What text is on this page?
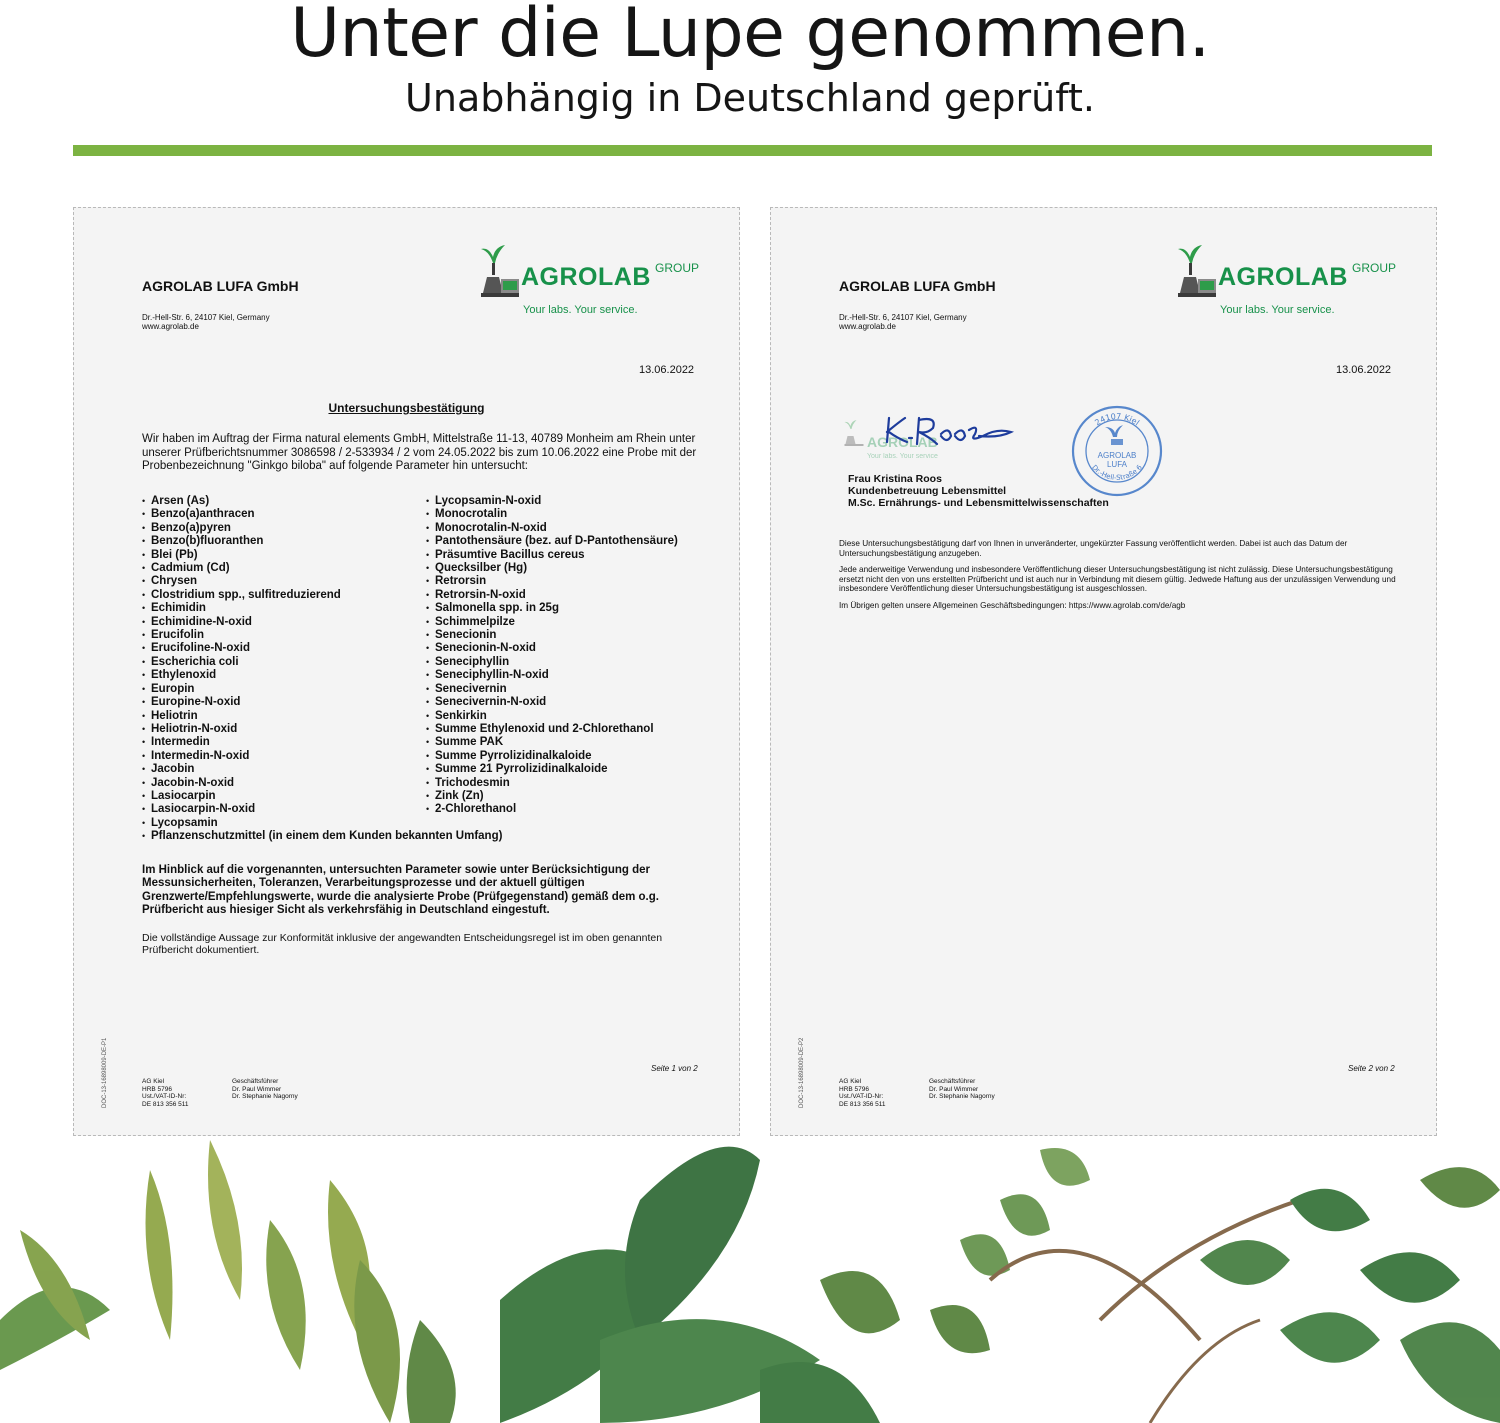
Unter die Lupe genommen.
Unabhängig in Deutschland geprüft.
AGROLAB LUFA GmbH
Dr.-Hell-Str. 6, 24107 Kiel, Germany
www.agrolab.de
AGROLAB GROUP
Your labs. Your service.
13.06.2022
Untersuchungsbestätigung
Wir haben im Auftrag der Firma natural elements GmbH, Mittelstraße 11-13, 40789 Monheim am Rhein unter unserer Prüfberichtsnummer 3086598 / 2-533934 / 2 vom 24.05.2022 bis zum 10.06.2022 eine Probe mit der Probenbezeichnung "Ginkgo biloba" auf folgende Parameter hin untersucht:
• Arsen (As)
• Benzo(a)anthracen
• Benzo(a)pyren
• Benzo(b)fluoranthen
• Blei (Pb)
• Cadmium (Cd)
• Chrysen
• Clostridium spp., sulfitreduzierend
• Echimidin
• Echimidine-N-oxid
• Erucifolin
• Erucifoline-N-oxid
• Escherichia coli
• Ethylenoxid
• Europin
• Europine-N-oxid
• Heliotrin
• Heliotrin-N-oxid
• Intermedin
• Intermedin-N-oxid
• Jacobin
• Jacobin-N-oxid
• Lasiocarpin
• Lasiocarpin-N-oxid
• Lycopsamin
• Lycopsamin-N-oxid
• Monocrotalin
• Monocrotalin-N-oxid
• Pantothensäure (bez. auf D-Pantothensäure)
• Präsumtive Bacillus cereus
• Quecksilber (Hg)
• Retrorsin
• Retrorsin-N-oxid
• Salmonella spp. in 25g
• Schimmelpilze
• Senecionin
• Senecionin-N-oxid
• Seneciphyllin
• Seneciphyllin-N-oxid
• Senecivernin
• Senecivernin-N-oxid
• Senkirkin
• Summe Ethylenoxid und 2-Chlorethanol
• Summe PAK
• Summe Pyrrolizidinalkaloide
• Summe 21 Pyrrolizidinalkaloide
• Trichodesmin
• Zink (Zn)
• 2-Chlorethanol
• Pflanzenschutzmittel (in einem dem Kunden bekannten Umfang)
Im Hinblick auf die vorgenannten, untersuchten Parameter sowie unter Berücksichtigung der Messunsicherheiten, Toleranzen, Verarbeitungsprozesse und der aktuell gültigen Grenzwerte/Empfehlungswerte, wurde die analysierte Probe (Prüfgegenstand) gemäß dem o.g. Prüfbericht aus hiesiger Sicht als verkehrsfähig in Deutschland eingestuft.
Die vollständige Aussage zur Konformität inklusive der angewandten Entscheidungsregel ist im oben genannten Prüfbericht dokumentiert.
Seite 1 von 2
DOC-13-16898009-DE-P1	AG Kiel
HRB 5796
Ust./VAT-ID-Nr:
DE 813 356 511
Geschäftsführer
Dr. Paul Wimmer
Dr. Stephanie Nagorny
AGROLAB LUFA GmbH
Dr.-Hell-Str. 6, 24107 Kiel, Germany
www.agrolab.de
AGROLAB GROUP
Your labs. Your service.
13.06.2022
AGROLAB
Your labs. Your service
24107 Kiel
Dr.-Hell-Straße 6
AGROLAB
LUFA
Frau Kristina Roos
Kundenbetreuung Lebensmittel
M.Sc. Ernährungs- und Lebensmittelwissenschaften

Diese Untersuchungsbestätigung darf von Ihnen in unveränderter, ungekürzter Fassung veröffentlicht werden. Dabei ist auch das Datum der Untersuchungsbestätigung anzugeben.

Jede anderweitige Verwendung und insbesondere Veröffentlichung dieser Untersuchungsbestätigung ist nicht zulässig. Diese Untersuchungsbestätigung ersetzt nicht den von uns erstellten Prüfbericht und ist auch nur in Verbindung mit diesem gültig. Jedwede Haftung aus der unzulässigen Verwendung und insbesondere Veröffentlichung dieser Untersuchungsbestätigung ist ausgeschlossen.

Im Übrigen gelten unsere Allgemeinen Geschäftsbedingungen: https://www.agrolab.com/de/agb

Seite 2 von 2
DOC-13-16898009-DE-P2	AG Kiel
HRB 5796
Ust./VAT-ID-Nr:
DE 813 356 511
Geschäftsführer
Dr. Paul Wimmer
Dr. Stephanie Nagorny
